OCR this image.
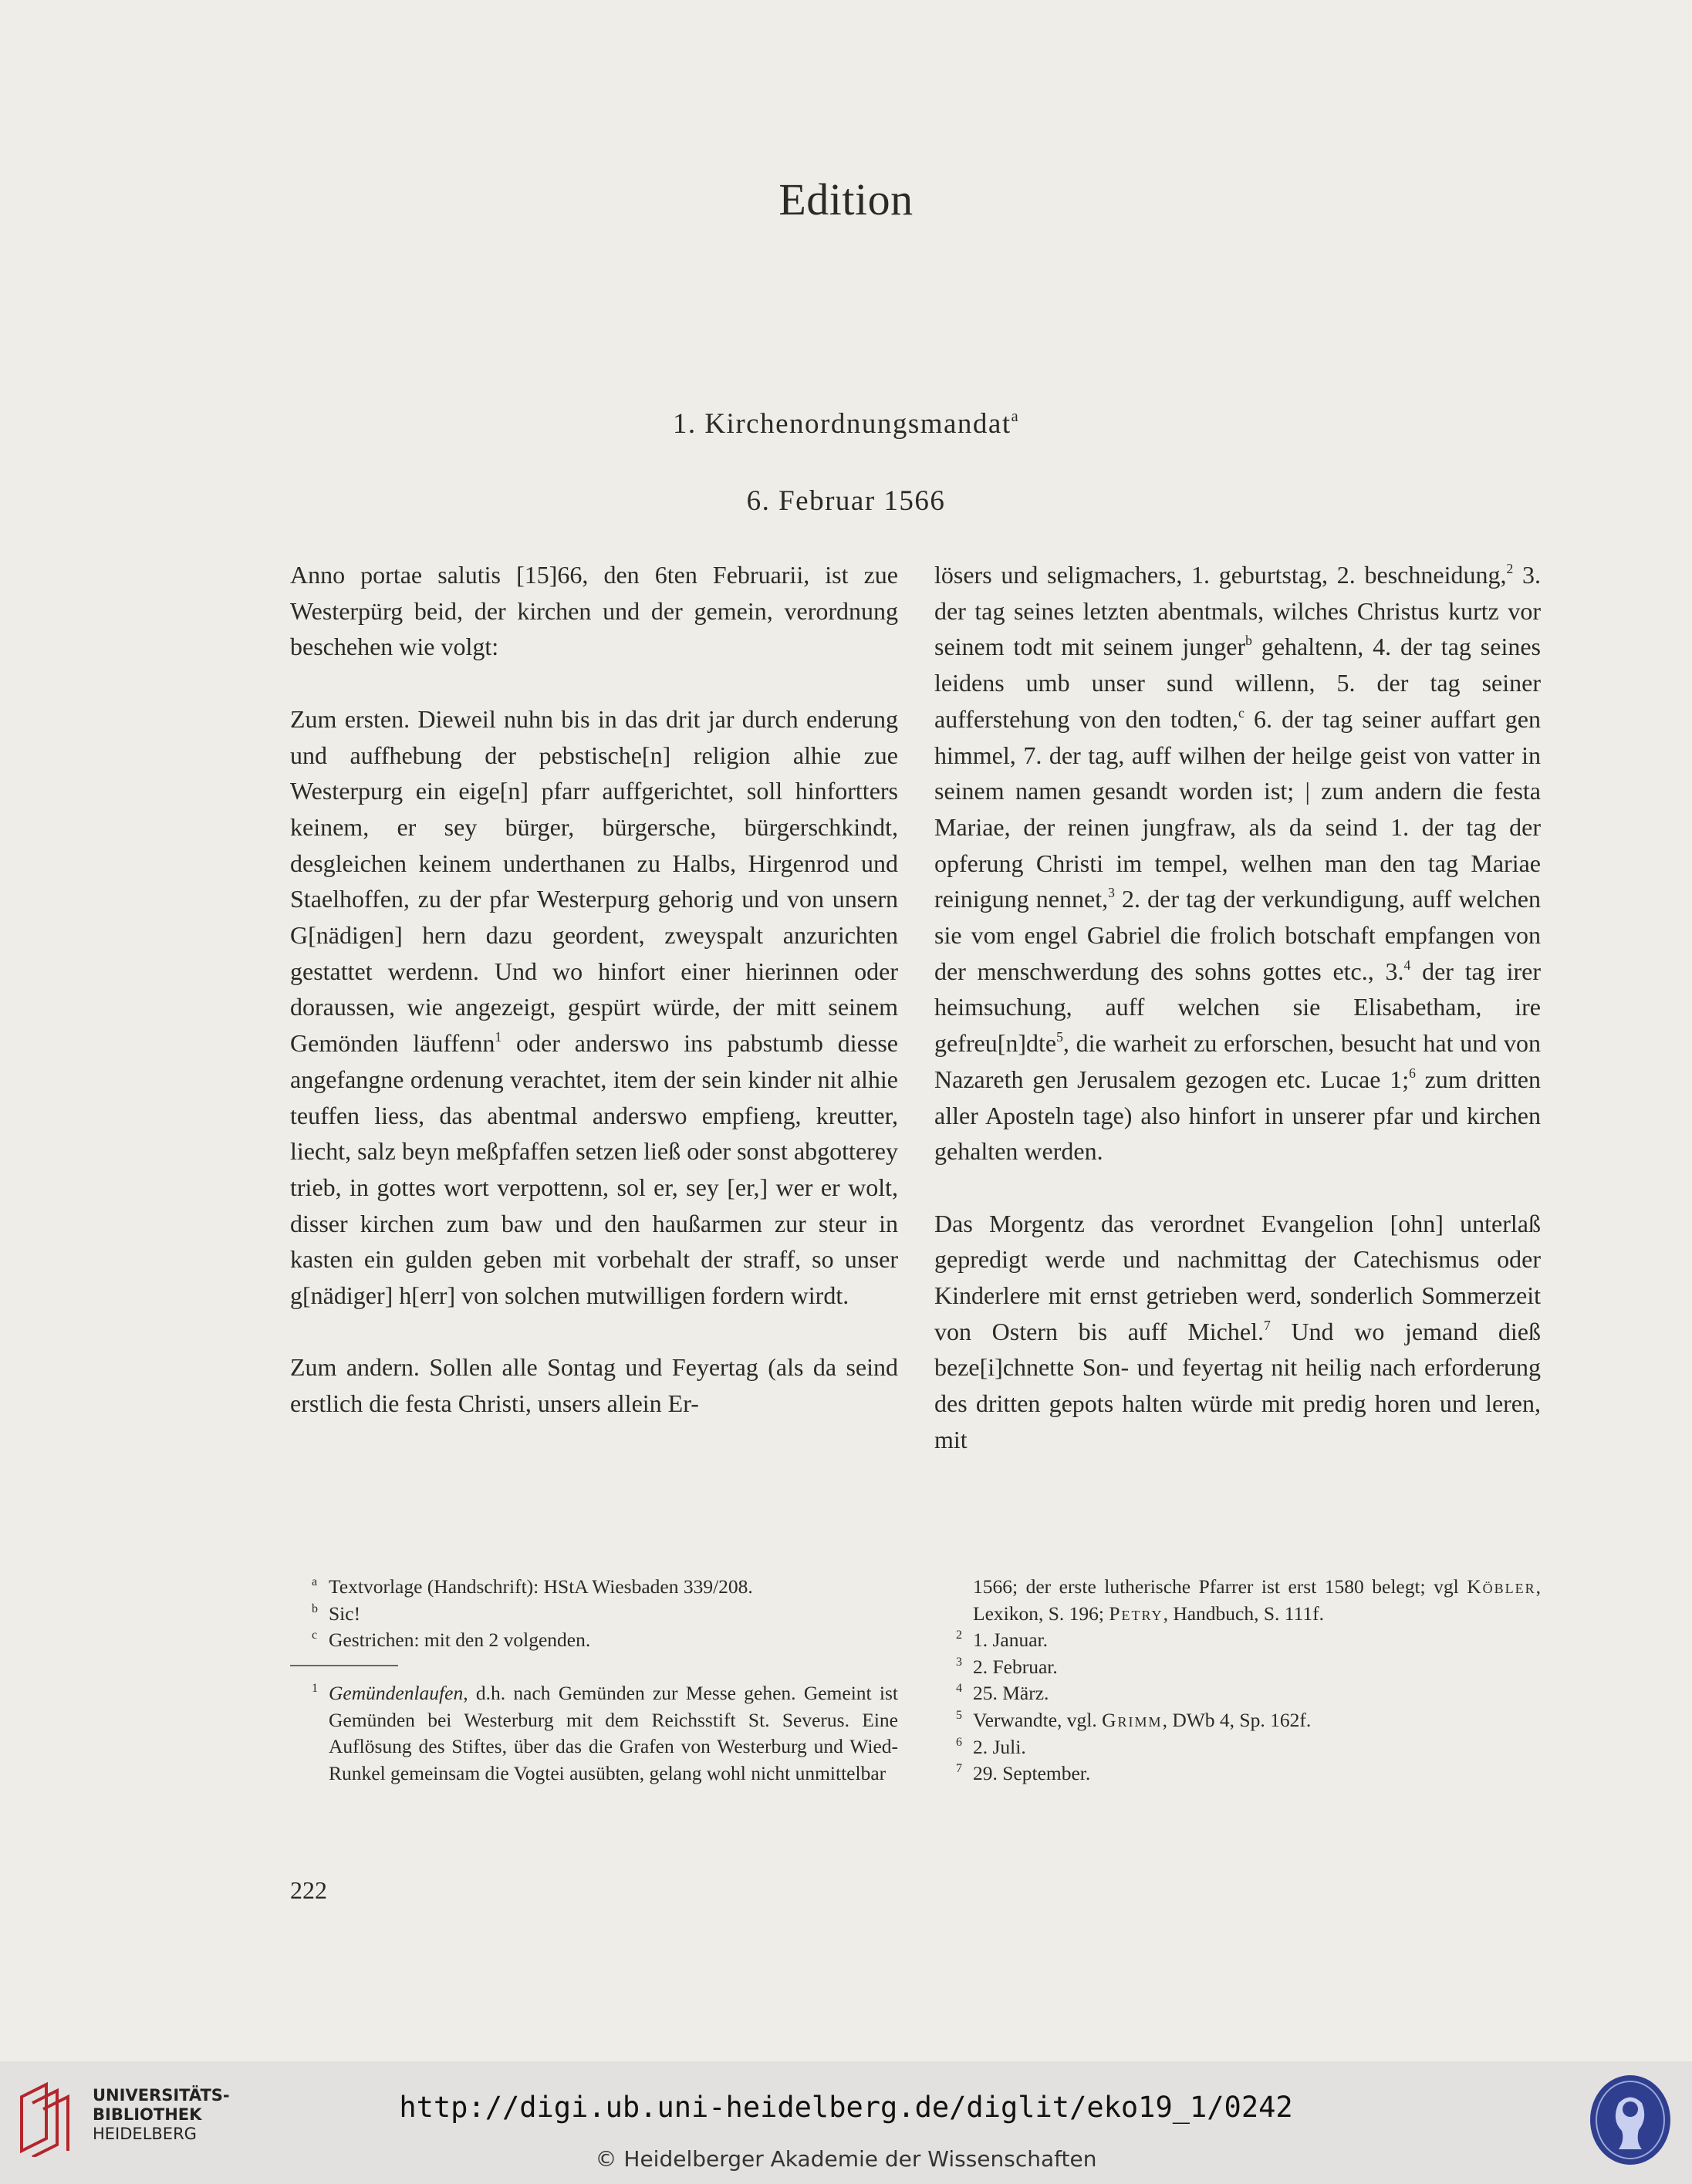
Edition
1. Kirchenordnungsmandat$^a$
6. Februar 1566

Anno portae salutis [15]66, den 6ten Februarii, ist zue Westerpürg beid, der kirchen und der gemein, verordnung beschehen wie volgt:

Zum ersten. Dieweil nuhn bis in das drit jar durch enderung und auffhebung der pebstische[n] religion alhie zue Westerpurg ein eige[n] pfarr auffgerichtet, soll hinfortters keinem, er sey bürger, bürgersche, bürgerschkindt, desgleichen keinem underthanen zu Halbs, Hirgenrod und Staelhoffen, zu der pfar Westerpurg gehorig und von unsern G[nädigen] hern dazu geordent, zweyspalt anzurichten gestattet werdenn. Und wo hinfort einer hierinnen oder doraussen, wie angezeigt, gespürt würde, der mitt seinem Gemönden läuffenn$^1$ oder anderswo ins pabstumb diesse angefangne ordenung verachtet, item der sein kinder nit alhie teuffen liess, das abentmal anderswo empfieng, kreutter, liecht, salz beyn meßpfaffen setzen ließ oder sonst abgotterey trieb, in gottes wort verpottenn, sol er, sey [er,] wer er wolt, disser kirchen zum baw und den haußarmen zur steur in kasten ein gulden geben mit vorbehalt der straff, so unser g[nädiger] h[err] von solchen mutwilligen fordern wirdt.

Zum andern. Sollen alle Sontag und Feyertag (als da seind erstlich die festa Christi, unsers allein Er-

lösers und seligmachers, 1. geburtstag, 2. beschneidung,$^2$ 3. der tag seines letzten abentmals, wilches Christus kurtz vor seinem todt mit seinem junger$^b$ gehaltenn, 4. der tag seines leidens umb unser sund willenn, 5. der tag seiner aufferstehung von den todten,$^c$ 6. der tag seiner auffart gen himmel, 7. der tag, auff wilhen der heilge geist von vatter in seinem namen gesandt worden ist; | zum andern die festa Mariae, der reinen jungfraw, als da seind 1. der tag der opferung Christi im tempel, welhen man den tag Mariae reinigung nennet,$^3$ 2. der tag der verkundigung, auff welchen sie vom engel Gabriel die frolich botschaft empfangen von der menschwerdung des sohns gottes etc., 3.$^4$ der tag irer heimsuchung, auff welchen sie Elisabetham, ire gefreu[n]dte$^5$, die warheit zu erforschen, besucht hat und von Nazareth gen Jerusalem gezogen etc. Lucae 1;$^6$ zum dritten aller Aposteln tage) also hinfort in unserer pfar und kirchen gehalten werden.

Das Morgentz das verordnet Evangelion [ohn] unterlaß gepredigt werde und nachmittag der Catechismus oder Kinderlere mit ernst getrieben werd, sonderlich Sommerzeit von Ostern bis auff Michel.$^7$ Und wo jemand dieß beze[i]chnette Son- und feyertag nit heilig nach erforderung des dritten gepots halten würde mit predig horen und leren, mit

a Textvorlage (Handschrift): HStA Wiesbaden 339/208.
b Sic!
c Gestrichen: mit den 2 volgenden.
1 Gemündenlaufen, d.h. nach Gemünden zur Messe gehen. Gemeint ist Gemünden bei Westerburg mit dem Reichsstift St. Severus. Eine Auflösung des Stiftes, über das die Grafen von Westerburg und Wied-Runkel gemeinsam die Vogtei ausübten, gelang wohl nicht unmittelbar
1566; der erste lutherische Pfarrer ist erst 1580 belegt; vgl Köbler, Lexikon, S. 196; Petry, Handbuch, S. 111f.
2 1. Januar.
3 2. Februar.
4 25. März.
5 Verwandte, vgl. Grimm, DWb 4, Sp. 162f.
6 2. Juli.
7 29. September.
222
UNIVERSITÄTS-
BIBLIOTHEK
HEIDELBERG
http://digi.ub.uni-heidelberg.de/diglit/eko19_1/0242
© Heidelberger Akademie der Wissenschaften
